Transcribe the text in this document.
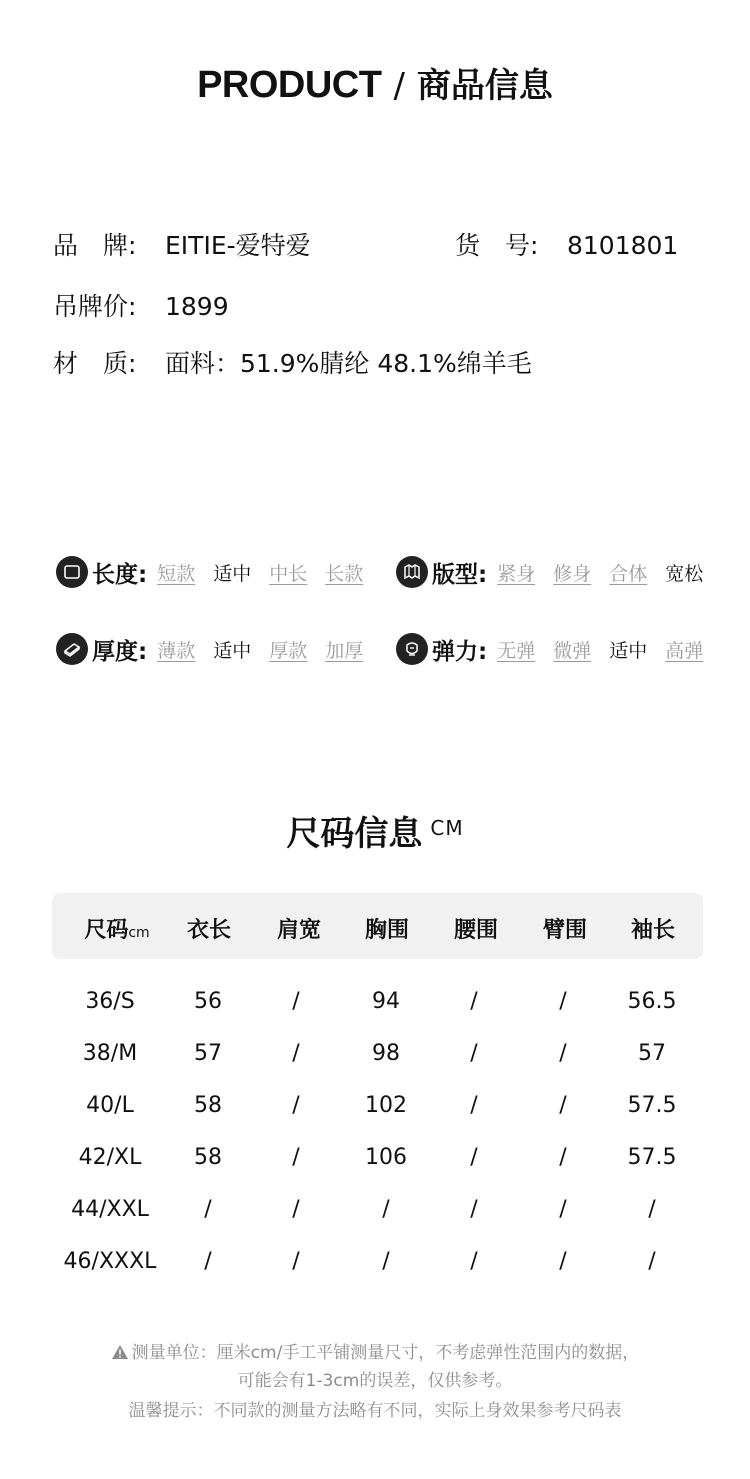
PRODUCT / 商品信息
品　牌: EITIE-爱特爱	货　号: 8101801
吊牌价: 1899
材　质: 面料：51.9%腈纶 48.1%绵羊毛
长度: 短款 适中 中长 长款	版型: 紧身 修身 合体 宽松
厚度: 薄款 适中 厚款 加厚	弹力: 无弹 微弹 适中 高弹
尺码信息 CM
尺码cm	衣长	肩宽	胸围	腰围	臂围	袖长
36/S	56	/	94	/	/	56.5
38/M	57	/	98	/	/	57
40/L	58	/	102	/	/	57.5
42/XL	58	/	106	/	/	57.5
44/XXL	/	/	/	/	/	/
46/XXXL	/	/	/	/	/	/
测量单位：厘米cm/手工平铺测量尺寸，不考虑弹性范围内的数据，
可能会有1-3cm的误差，仅供参考。
温馨提示：不同款的测量方法略有不同，实际上身效果参考尺码表
